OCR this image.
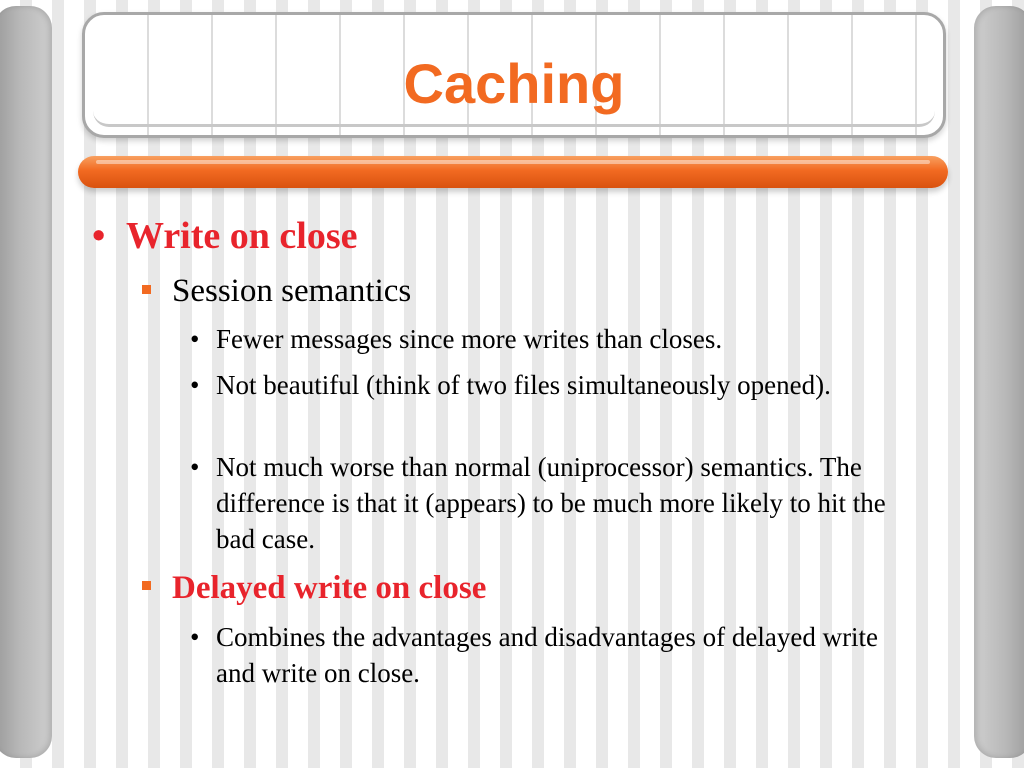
Caching
• Write on close
Session semantics
• Fewer messages since more writes than closes.
• Not beautiful (think of two files simultaneously opened).
• Not much worse than normal (uniprocessor) semantics. The difference is that it (appears) to be much more likely to hit the bad case.
Delayed write on close
• Combines the advantages and disadvantages of delayed write and write on close.
